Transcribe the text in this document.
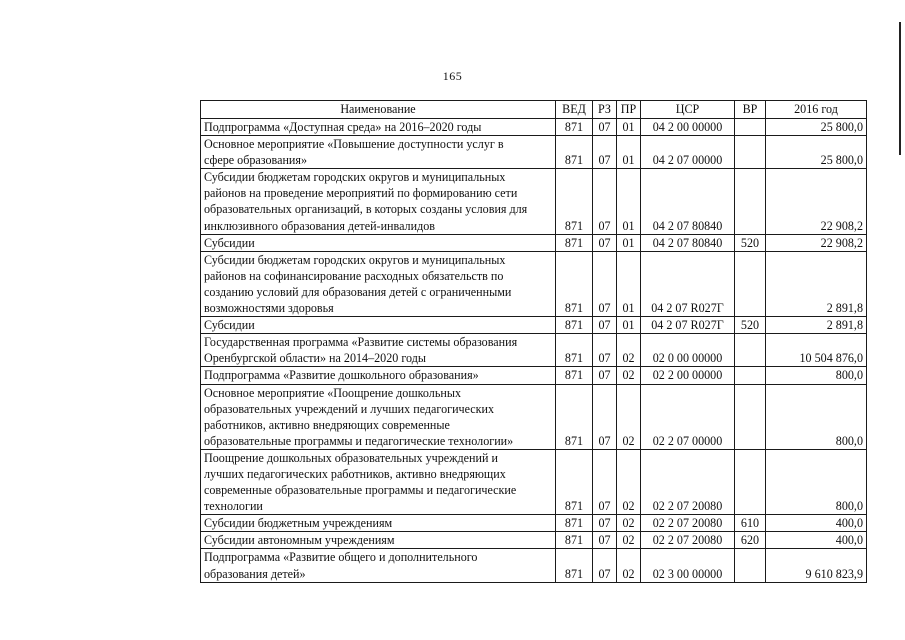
165
Наименование	ВЕД	РЗ	ПР	ЦСР	ВР	2016 год

Подпрограмма «Доступная среда» на 2016–2020 годы	871	07	01	04 2 00 00000		25 800,0

Основное мероприятие «Повышение доступности услуг в
сфере образования»	871	07	01	04 2 07 00000		25 800,0

Субсидии бюджетам городских округов и муниципальных
районов на проведение мероприятий по формированию сети
образовательных организаций, в которых созданы условия для
инклюзивного образования детей-инвалидов	871	07	01	04 2 07 80840		22 908,2

Субсидии	871	07	01	04 2 07 80840	520	22 908,2

Субсидии бюджетам городских округов и муниципальных
районов на софинансирование расходных обязательств по
созданию условий для образования детей с ограниченными
возможностями здоровья	871	07	01	04 2 07 R027Г		2 891,8

Субсидии	871	07	01	04 2 07 R027Г	520	2 891,8

Государственная программа «Развитие системы образования
Оренбургской области» на 2014–2020 годы	871	07	02	02 0 00 00000		10 504 876,0

Подпрограмма «Развитие дошкольного образования»	871	07	02	02 2 00 00000		800,0

Основное мероприятие «Поощрение дошкольных
образовательных учреждений и лучших педагогических
работников, активно внедряющих современные
образовательные программы и педагогические технологии»	871	07	02	02 2 07 00000		800,0

Поощрение дошкольных образовательных учреждений и
лучших педагогических работников, активно внедряющих
современные образовательные программы и педагогические
технологии	871	07	02	02 2 07 20080		800,0

Субсидии бюджетным учреждениям	871	07	02	02 2 07 20080	610	400,0

Субсидии автономным учреждениям	871	07	02	02 2 07 20080	620	400,0

Подпрограмма «Развитие общего и дополнительного
образования детей»	871	07	02	02 3 00 00000		9 610 823,9
